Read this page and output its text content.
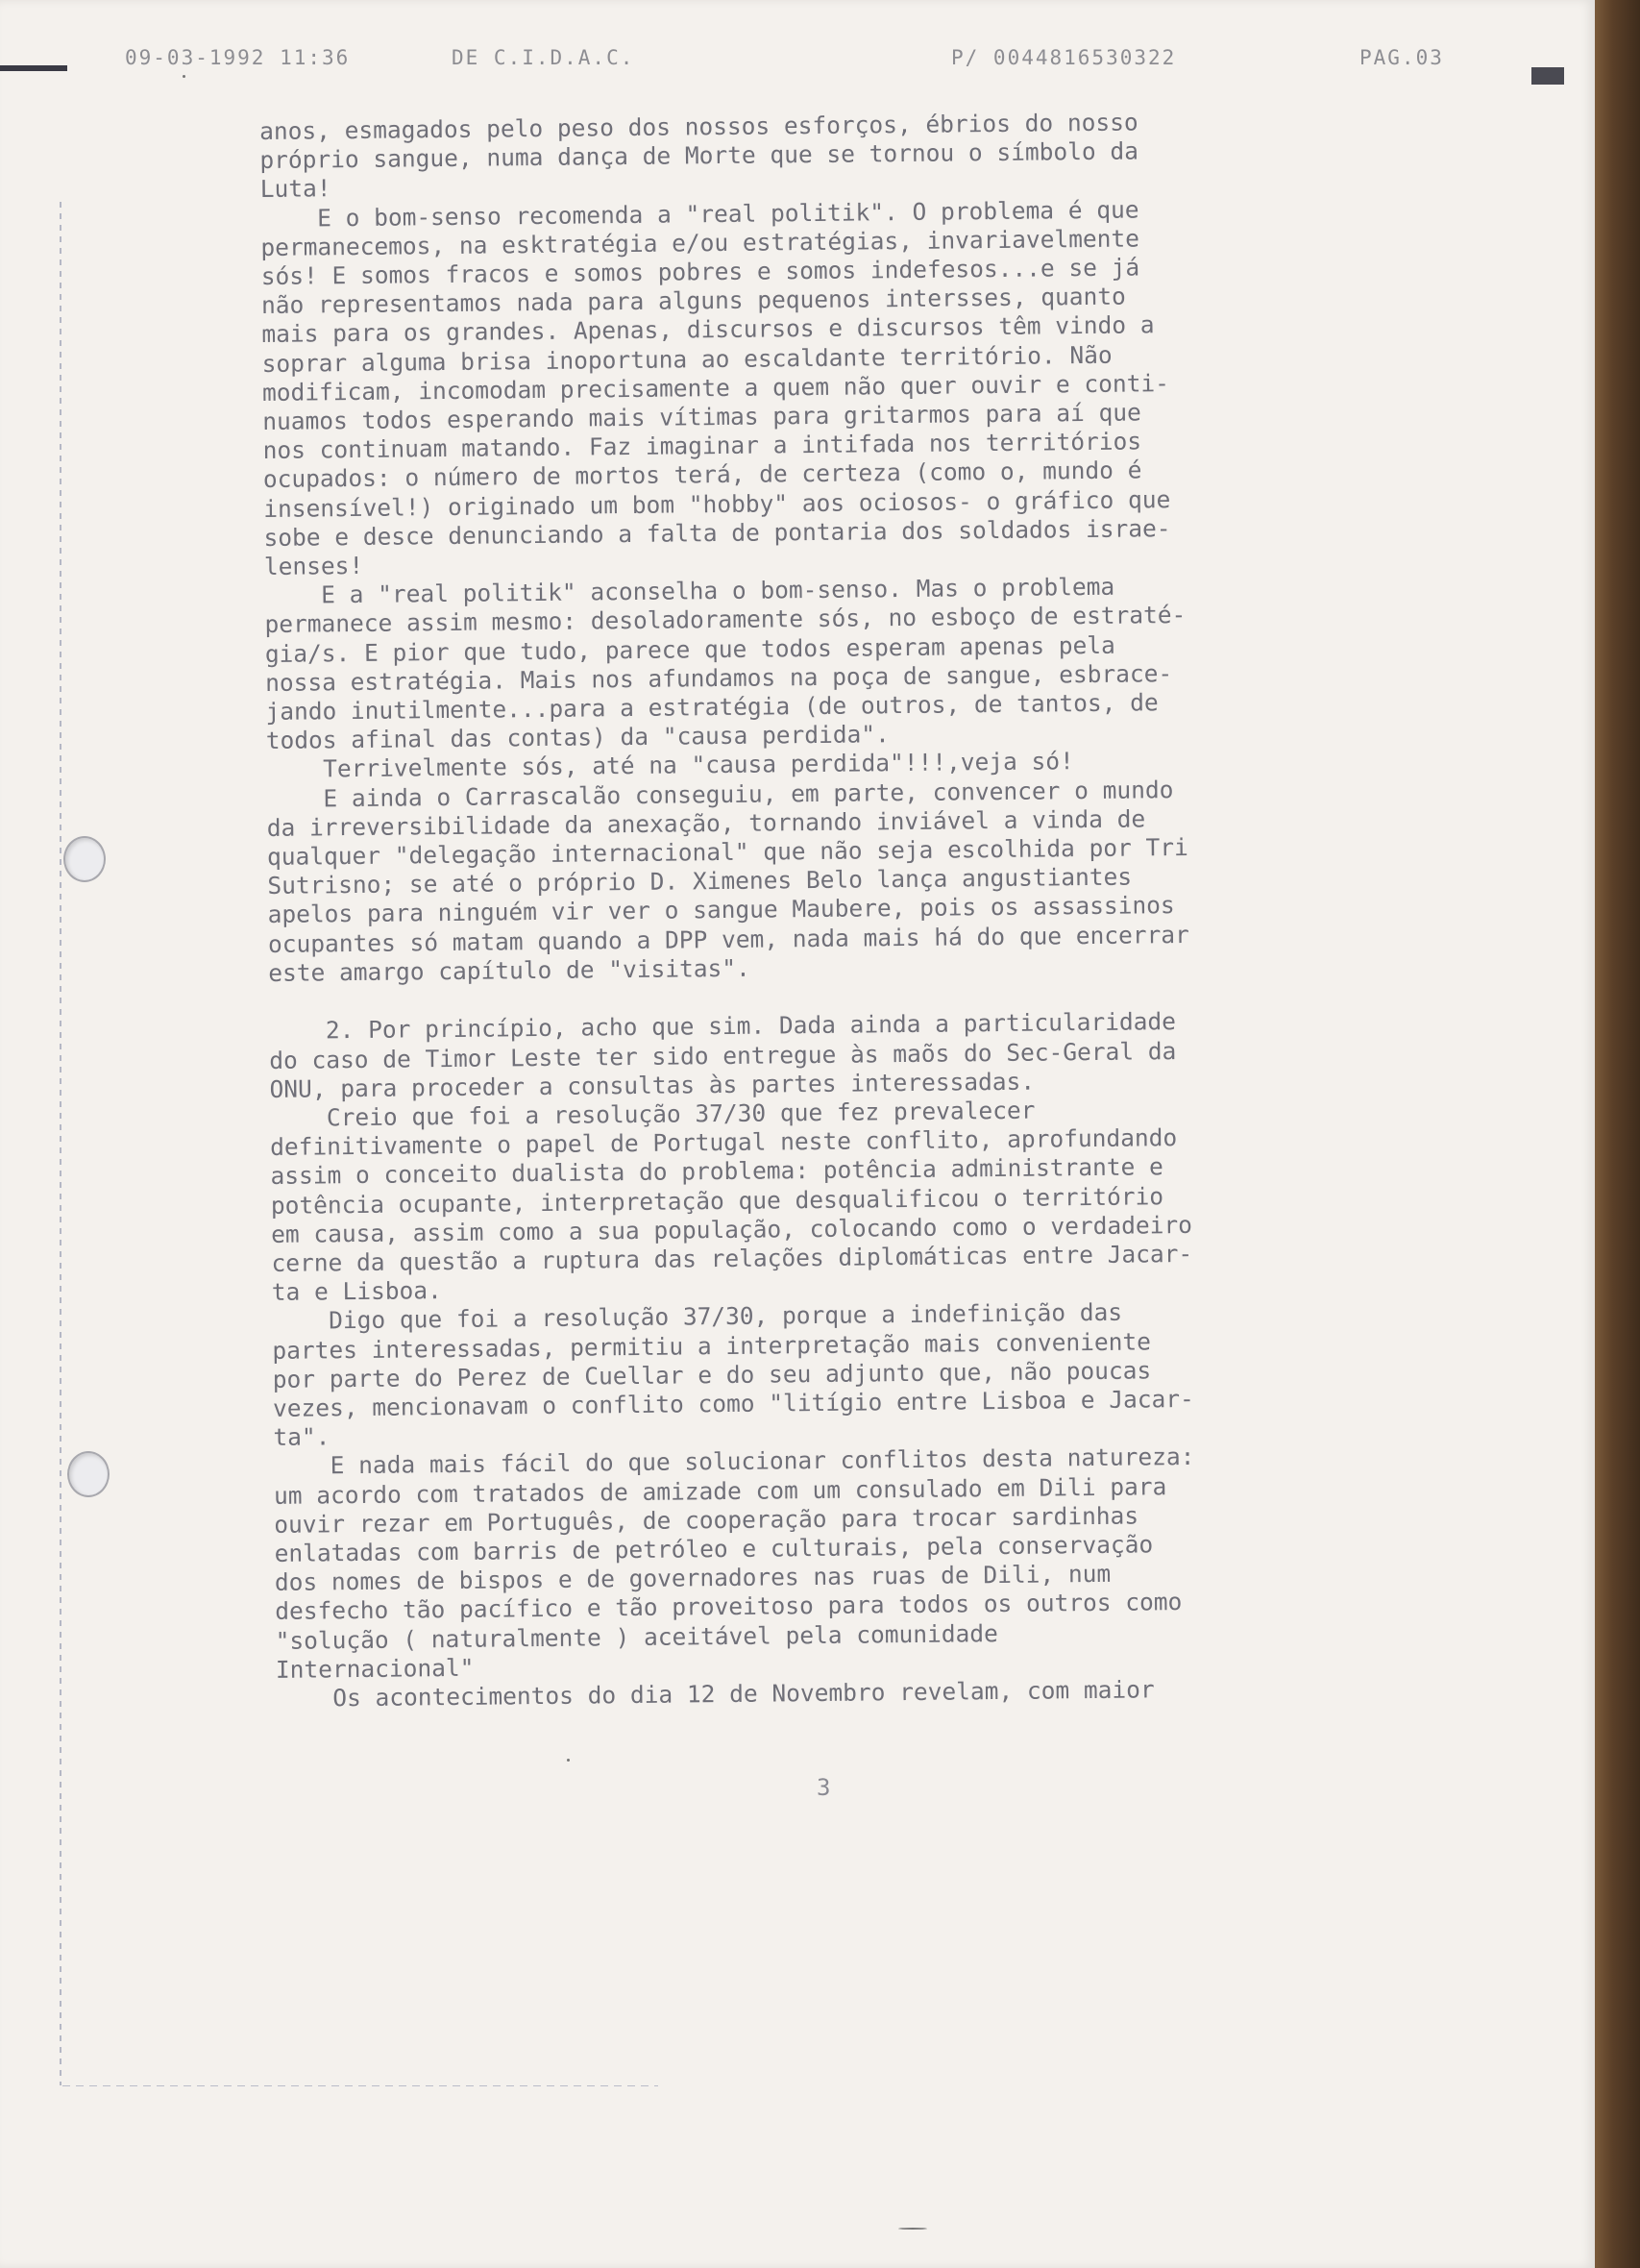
09-03-1992 11:36	DE C.I.D.A.C.	P/ 0044816530322	PAG.03
anos, esmagados pelo peso dos nossos esforços, ébrios do nosso
próprio sangue, numa dança de Morte que se tornou o símbolo da
Luta!
E o bom-senso recomenda a "real politik". O problema é que
permanecemos, na esktratégia e/ou estratégias, invariavelmente
sós! E somos fracos e somos pobres e somos indefesos...e se já
não representamos nada para alguns pequenos intersses, quanto
mais para os grandes. Apenas, discursos e discursos têm vindo a
soprar alguma brisa inoportuna ao escaldante território. Não
modificam, incomodam precisamente a quem não quer ouvir e conti-
nuamos todos esperando mais vítimas para gritarmos para aí que
nos continuam matando. Faz imaginar a intifada nos territórios
ocupados: o número de mortos terá, de certeza (como o, mundo é
insensível!) originado um bom "hobby" aos ociosos- o gráfico que
sobe e desce denunciando a falta de pontaria dos soldados israe-
lenses!
E a "real politik" aconselha o bom-senso. Mas o problema
permanece assim mesmo: desoladoramente sós, no esboço de estraté-
gia/s. E pior que tudo, parece que todos esperam apenas pela
nossa estratégia. Mais nos afundamos na poça de sangue, esbrace-
jando inutilmente...para a estratégia (de outros, de tantos, de
todos afinal das contas) da "causa perdida".
Terrivelmente sós, até na "causa perdida"!!!,veja só!
E ainda o Carrascalão conseguiu, em parte, convencer o mundo
da irreversibilidade da anexação, tornando inviável a vinda de
qualquer "delegação internacional" que não seja escolhida por Tri
Sutrisno; se até o próprio D. Ximenes Belo lança angustiantes
apelos para ninguém vir ver o sangue Maubere, pois os assassinos
ocupantes só matam quando a DPP vem, nada mais há do que encerrar
este amargo capítulo de "visitas".

2. Por princípio, acho que sim. Dada ainda a particularidade
do caso de Timor Leste ter sido entregue às maõs do Sec-Geral da
ONU, para proceder a consultas às partes interessadas.
Creio que foi a resolução 37/30 que fez prevalecer
definitivamente o papel de Portugal neste conflito, aprofundando
assim o conceito dualista do problema: potência administrante e
potência ocupante, interpretação que desqualificou o território
em causa, assim como a sua população, colocando como o verdadeiro
cerne da questão a ruptura das relações diplomáticas entre Jacar-
ta e Lisboa.
Digo que foi a resolução 37/30, porque a indefinição das
partes interessadas, permitiu a interpretação mais conveniente
por parte do Perez de Cuellar e do seu adjunto que, não poucas
vezes, mencionavam o conflito como "litígio entre Lisboa e Jacar-
ta".
E nada mais fácil do que solucionar conflitos desta natureza:
um acordo com tratados de amizade com um consulado em Dili para
ouvir rezar em Português, de cooperação para trocar sardinhas
enlatadas com barris de petróleo e culturais, pela conservação
dos nomes de bispos e de governadores nas ruas de Dili, num
desfecho tão pacífico e tão proveitoso para todos os outros como
"solução ( naturalmente ) aceitável pela comunidade
Internacional"
Os acontecimentos do dia 12 de Novembro revelam, com maior

3
